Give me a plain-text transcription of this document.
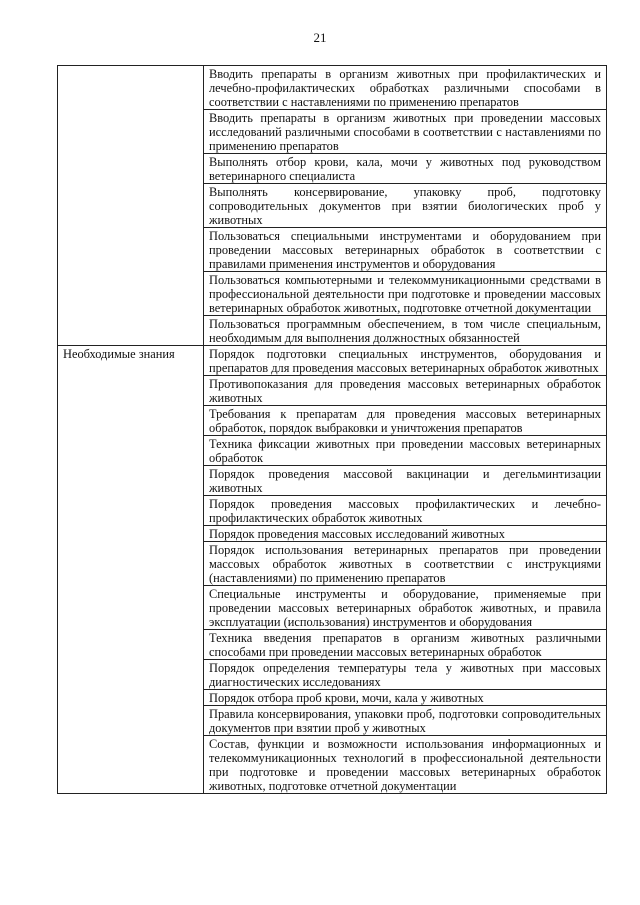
21
	Вводить препараты в организм животных при профилактических и лечебно-профилактических обработках различными способами в соответствии с наставлениями по применению препаратов
	Вводить препараты в организм животных при проведении массовых исследований различными способами в соответствии с наставлениями по применению препаратов
	Выполнять отбор крови, кала, мочи у животных под руководством ветеринарного специалиста
	Выполнять консервирование, упаковку проб, подготовку сопроводительных документов при взятии биологических проб у животных
	Пользоваться специальными инструментами и оборудованием при проведении массовых ветеринарных обработок в соответствии с правилами применения инструментов и оборудования
	Пользоваться компьютерными и телекоммуникационными средствами в профессиональной деятельности при подготовке и проведении массовых ветеринарных обработок животных, подготовке отчетной документации
	Пользоваться программным обеспечением, в том числе специальным, необходимым для выполнения должностных обязанностей
Необходимые знания	Порядок подготовки специальных инструментов, оборудования и препаратов для проведения массовых ветеринарных обработок животных
	Противопоказания для проведения массовых ветеринарных обработок животных
	Требования к препаратам для проведения массовых ветеринарных обработок, порядок выбраковки и уничтожения препаратов
	Техника фиксации животных при проведении массовых ветеринарных обработок
	Порядок проведения массовой вакцинации и дегельминтизации животных
	Порядок проведения массовых профилактических и лечебно-профилактических обработок животных
	Порядок проведения массовых исследований животных
	Порядок использования ветеринарных препаратов при проведении массовых обработок животных в соответствии с инструкциями (наставлениями) по применению препаратов
	Специальные инструменты и оборудование, применяемые при проведении массовых ветеринарных обработок животных, и правила эксплуатации (использования) инструментов и оборудования
	Техника введения препаратов в организм животных различными способами при проведении массовых ветеринарных обработок
	Порядок определения температуры тела у животных при массовых диагностических исследованиях
	Порядок отбора проб крови, мочи, кала у животных
	Правила консервирования, упаковки проб, подготовки сопроводительных документов при взятии проб у животных
	Состав, функции и возможности использования информационных и телекоммуникационных технологий в профессиональной деятельности при подготовке и проведении массовых ветеринарных обработок животных, подготовке отчетной документации
